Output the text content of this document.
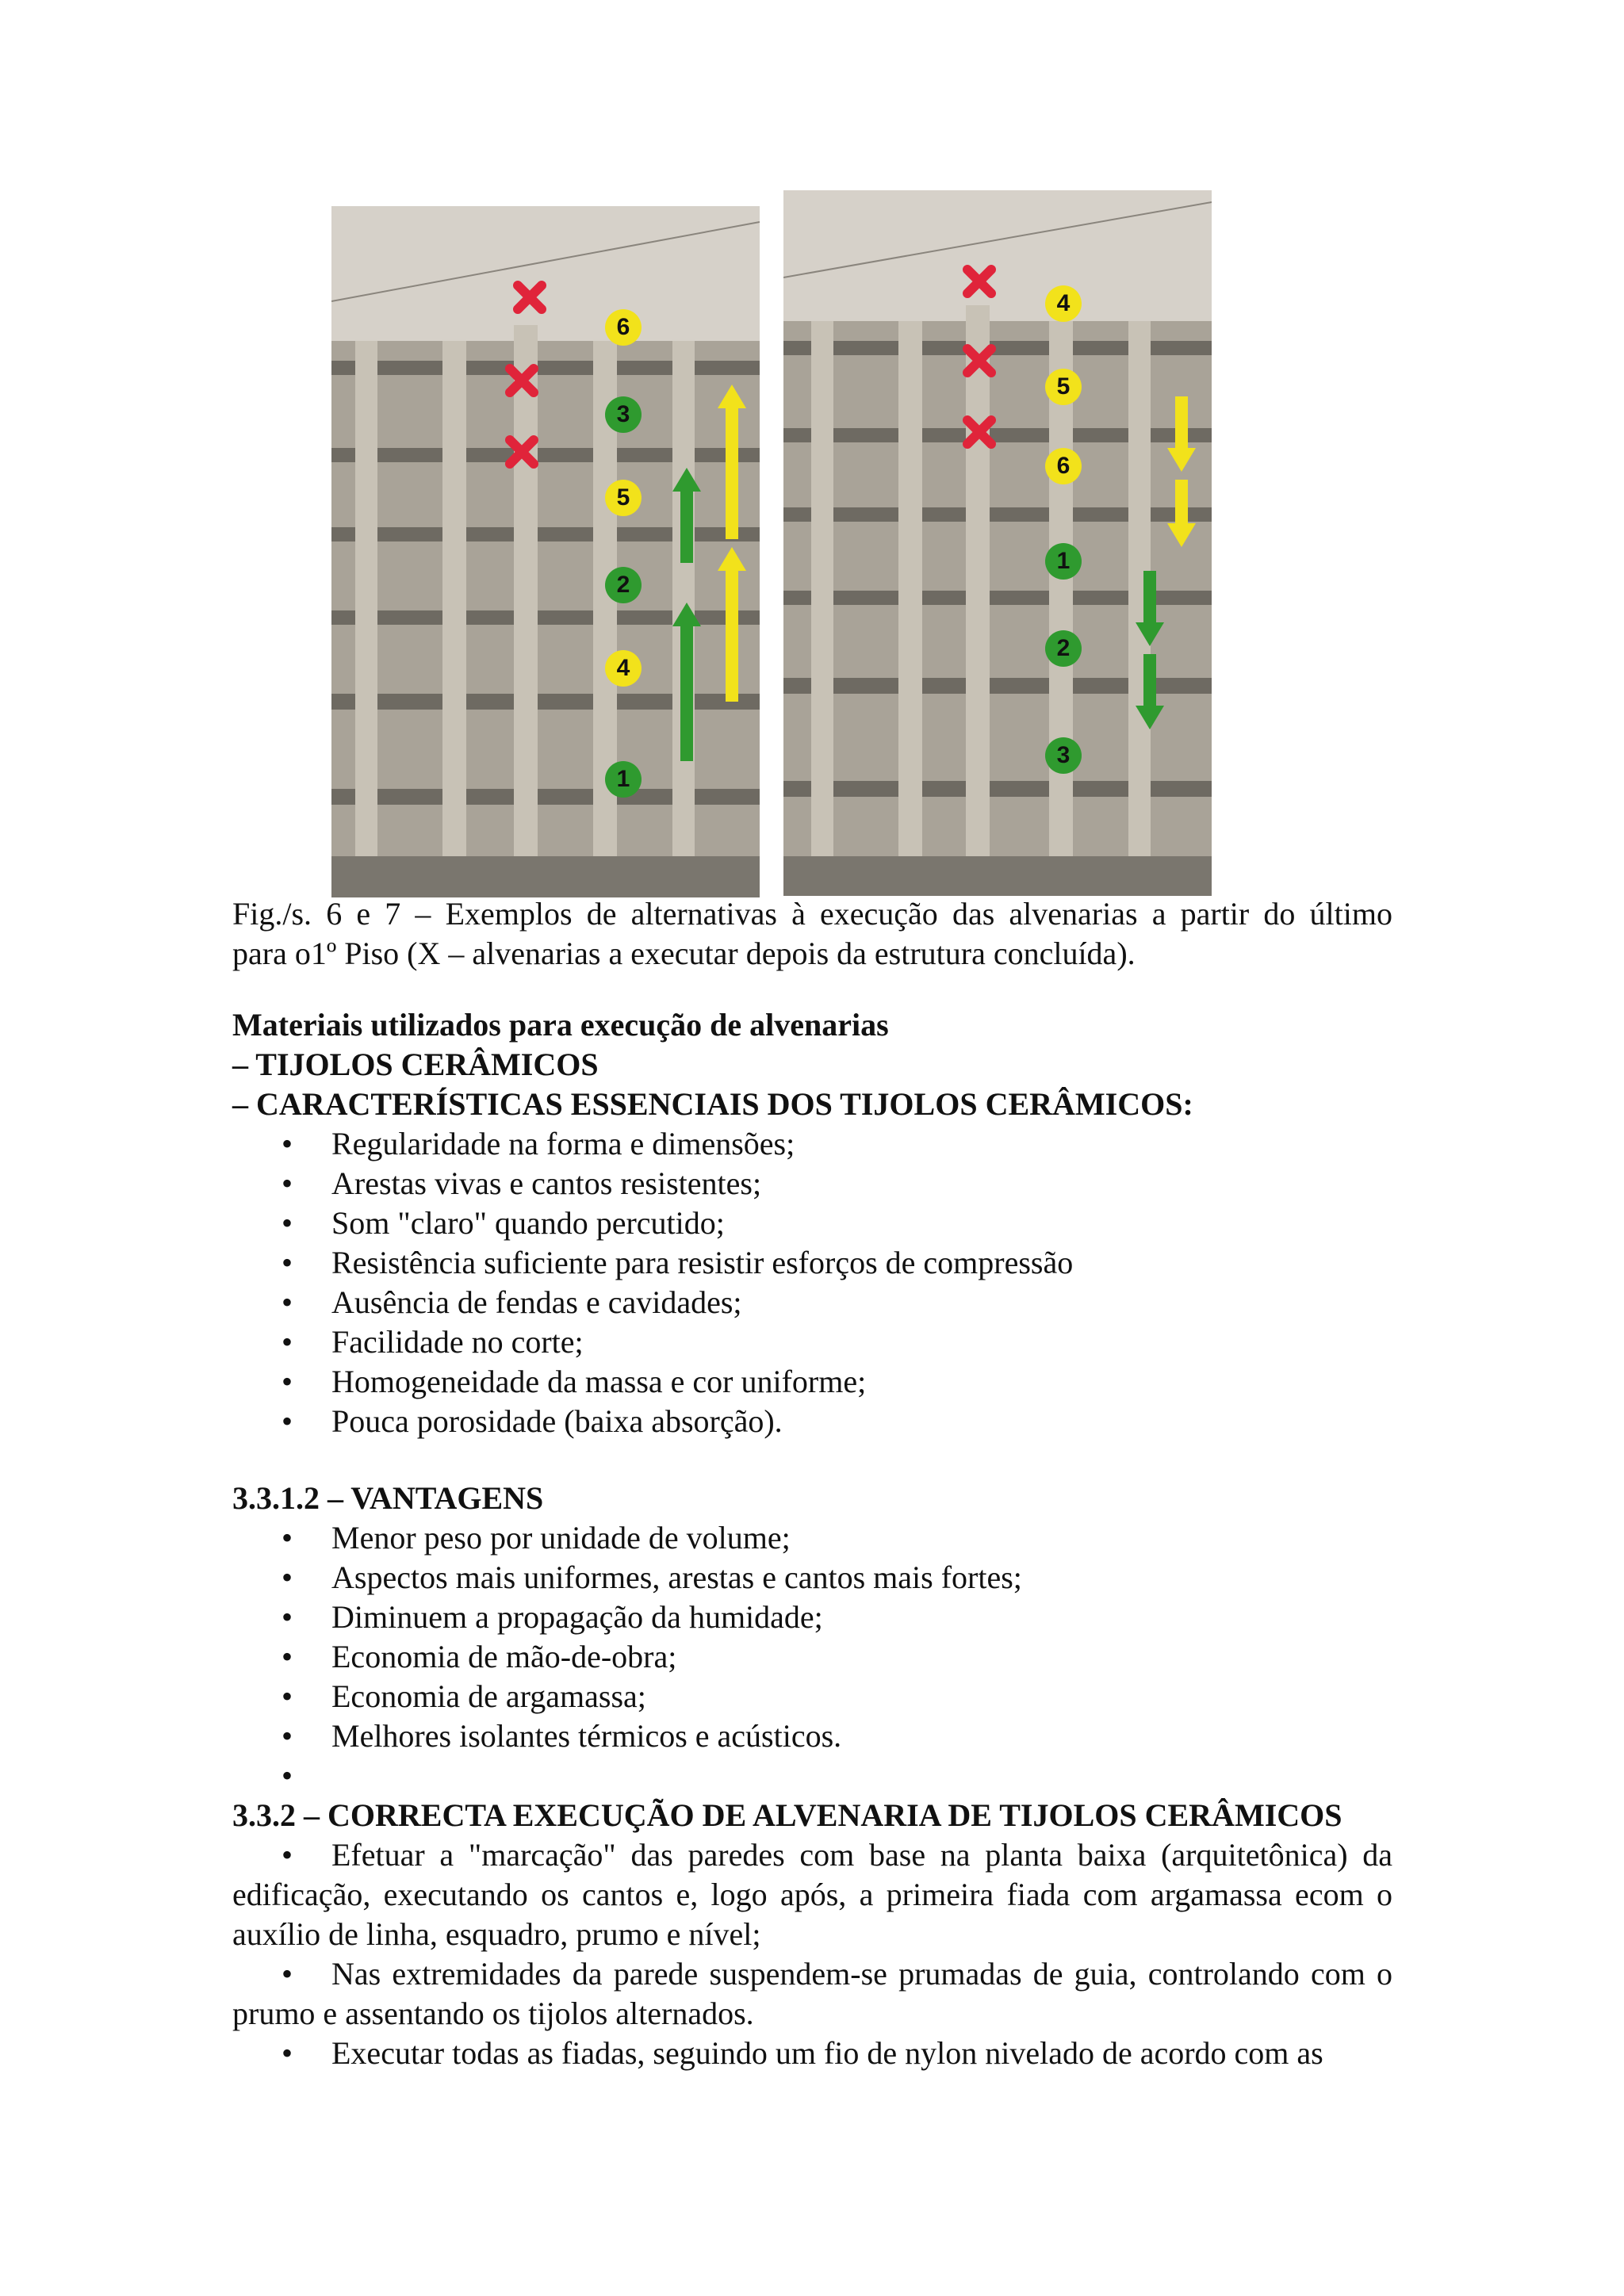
6
3
5
2
4
1
4
5
6
1
2
3

Fig./s. 6 e 7 – Exemplos de alternativas à execução das alvenarias a partir do último

para o1º Piso (X – alvenarias a executar depois da estrutura concluída).

Materiais utilizados para execução de alvenarias

– TIJOLOS CERÂMICOS

– CARACTERÍSTICAS ESSENCIAIS DOS TIJOLOS CERÂMICOS:

• Regularidade na forma e dimensões;
• Arestas vivas e cantos resistentes;
• Som "claro" quando percutido;
• Resistência suficiente para resistir esforços de compressão
• Ausência de fendas e cavidades;
• Facilidade no corte;
• Homogeneidade da massa e cor uniforme;
• Pouca porosidade (baixa absorção).

3.3.1.2 – VANTAGENS

• Menor peso por unidade de volume;
• Aspectos mais uniformes, arestas e cantos mais fortes;
• Diminuem a propagação da humidade;
• Economia de mão-de-obra;
• Economia de argamassa;
• Melhores isolantes térmicos e acústicos.
•

3.3.2 – CORRECTA EXECUÇÃO DE ALVENARIA DE TIJOLOS CERÂMICOS

• Efetuar a "marcação" das paredes com base na planta baixa (arquitetônica) da edificação, executando os cantos e, logo após, a primeira fiada com argamassa ecom o auxílio de linha, esquadro, prumo e nível;

• Nas extremidades da parede suspendem-se prumadas de guia, controlando com o prumo e assentando os tijolos alternados.

• Executar todas as fiadas, seguindo um fio de nylon nivelado de acordo com as
